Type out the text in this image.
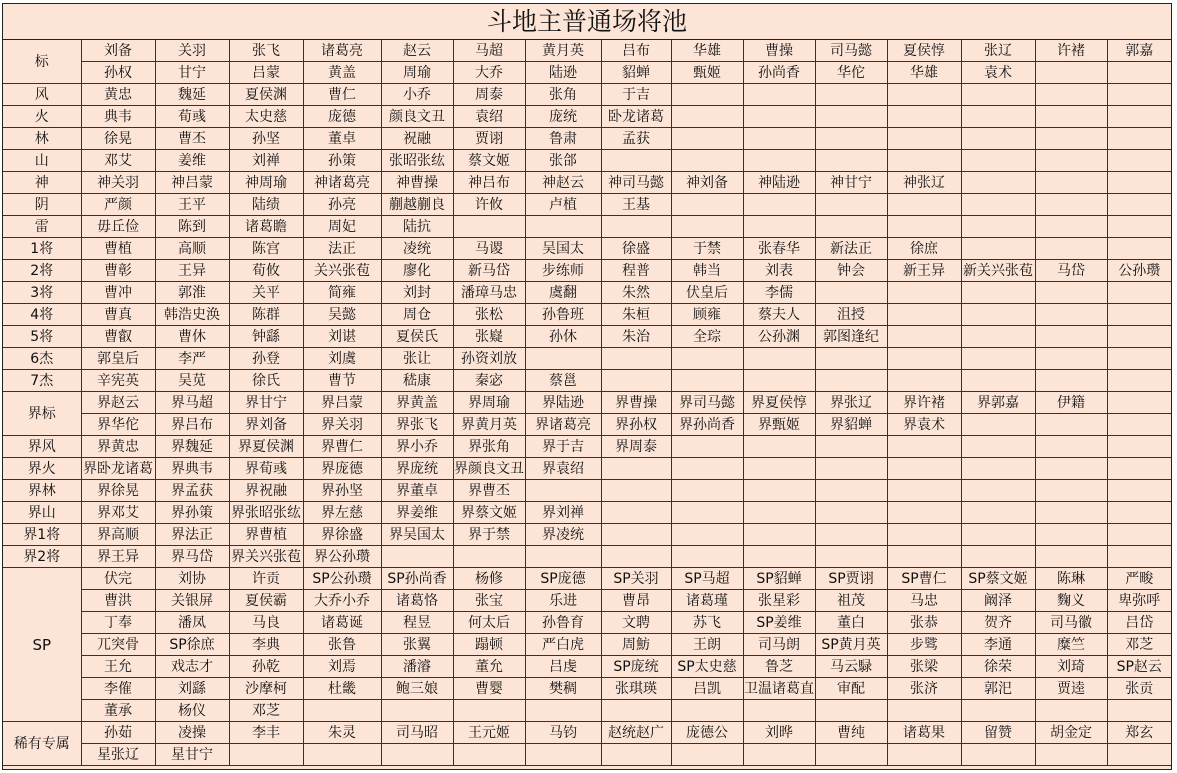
斗地主普通场将池
标	刘备	关羽	张飞	诸葛亮	赵云	马超	黄月英	吕布	华雄	曹操	司马懿	夏侯惇	张辽	许褚	郭嘉
	孙权	甘宁	吕蒙	黄盖	周瑜	大乔	陆逊	貂蝉	甄姬	孙尚香	华佗	华雄	袁术		
风	黄忠	魏延	夏侯渊	曹仁	小乔	周泰	张角	于吉							
火	典韦	荀彧	太史慈	庞德	颜良文丑	袁绍	庞统	卧龙诸葛							
林	徐晃	曹丕	孙坚	董卓	祝融	贾诩	鲁肃	孟获							
山	邓艾	姜维	刘禅	孙策	张昭张纮	蔡文姬	张郃								
神	神关羽	神吕蒙	神周瑜	神诸葛亮	神曹操	神吕布	神赵云	神司马懿	神刘备	神陆逊	神甘宁	神张辽			
阴	严颜	王平	陆绩	孙亮	蒯越蒯良	许攸	卢植	王基							
雷	毋丘俭	陈到	诸葛瞻	周妃	陆抗										
1将	曹植	高顺	陈宫	法正	凌统	马谡	吴国太	徐盛	于禁	张春华	新法正	徐庶			
2将	曹彰	王异	荀攸	关兴张苞	廖化	新马岱	步练师	程普	韩当	刘表	钟会	新王异	新关兴张苞	马岱	公孙瓒
3将	曹冲	郭淮	关平	简雍	刘封	潘璋马忠	虞翻	朱然	伏皇后	李儒					
4将	曹真	韩浩史涣	陈群	吴懿	周仓	张松	孙鲁班	朱桓	顾雍	蔡夫人	沮授				
5将	曹叡	曹休	钟繇	刘谌	夏侯氏	张嶷	孙休	朱治	全琮	公孙渊	郭图逢纪				
6杰	郭皇后	李严	孙登	刘虞	张让	孙资刘放									
7杰	辛宪英	吴苋	徐氏	曹节	嵇康	秦宓	蔡邕								
界标	界赵云	界马超	界甘宁	界吕蒙	界黄盖	界周瑜	界陆逊	界曹操	界司马懿	界夏侯惇	界张辽	界许褚	界郭嘉	伊籍	
	界华佗	界吕布	界刘备	界关羽	界张飞	界黄月英	界诸葛亮	界孙权	界孙尚香	界甄姬	界貂蝉	界袁术			
界风	界黄忠	界魏延	界夏侯渊	界曹仁	界小乔	界张角	界于吉	界周泰							
界火	界卧龙诸葛	界典韦	界荀彧	界庞德	界庞统	界颜良文丑	界袁绍								
界林	界徐晃	界孟获	界祝融	界孙坚	界董卓	界曹丕									
界山	界邓艾	界孙策	界张昭张纮	界左慈	界姜维	界蔡文姬	界刘禅								
界1将	界高顺	界法正	界曹植	界徐盛	界吴国太	界于禁	界凌统								
界2将	界王异	界马岱	界关兴张苞	界公孙瓒											
SP	伏完	刘协	许贡	SP公孙瓒	SP孙尚香	杨修	SP庞德	SP关羽	SP马超	SP貂蝉	SP贾诩	SP曹仁	SP蔡文姬	陈琳	严畯
	曹洪	关银屏	夏侯霸	大乔小乔	诸葛恪	张宝	乐进	曹昂	诸葛瑾	张星彩	祖茂	马忠	阚泽	麴义	卑弥呼
	丁奉	潘凤	马良	诸葛诞	程昱	何太后	孙鲁育	文聘	苏飞	SP姜维	董白	张恭	贺齐	司马徽	吕岱
	兀突骨	SP徐庶	李典	张鲁	张翼	蹋顿	严白虎	周魴	王朗	司马朗	SP黄月英	步骘	李通	糜竺	邓芝
	王允	戏志才	孙乾	刘焉	潘濬	董允	吕虔	SP庞统	SP太史慈	鲁芝	马云騄	张梁	徐荣	刘琦	SP赵云
	李傕	刘繇	沙摩柯	杜畿	鲍三娘	曹婴	樊稠	张琪瑛	吕凯	卫温诸葛直	审配	张济	郭汜	贾逵	张贡
	董承	杨仪	邓芝												
稀有专属	孙茹	凌操	李丰	朱灵	司马昭	王元姬	马钧	赵统赵广	庞德公	刘晔	曹纯	诸葛果	留赞	胡金定	郑玄
	星张辽	星甘宁													
